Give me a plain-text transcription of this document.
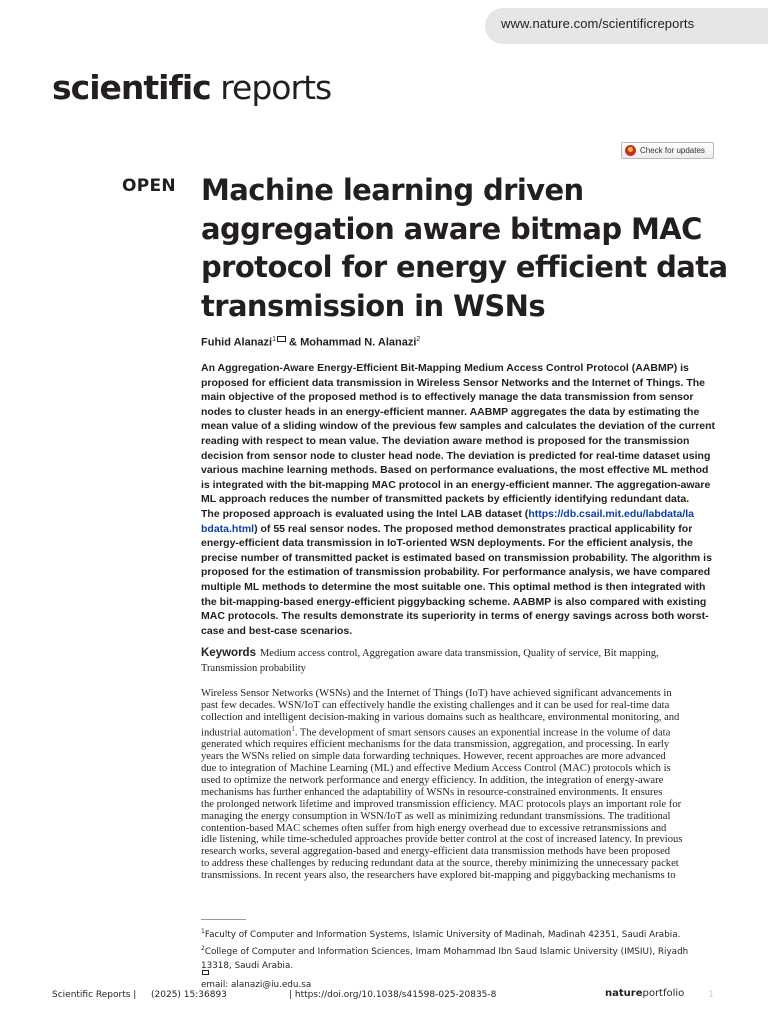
www.nature.com/scientificreports
scientific reports
Check for updates
OPEN Machine learning driven
aggregation aware bitmap MAC
protocol for energy efficient data
transmission in WSNs
Fuhid Alanazi$^1$ & Mohammad N. Alanazi$^2$
An Aggregation-Aware Energy-Efficient Bit-Mapping Medium Access Control Protocol (AABMP) is
proposed for efficient data transmission in Wireless Sensor Networks and the Internet of Things. The
main objective of the proposed method is to effectively manage the data transmission from sensor
nodes to cluster heads in an energy-efficient manner. AABMP aggregates the data by estimating the
mean value of a sliding window of the previous few samples and calculates the deviation of the current
reading with respect to mean value. The deviation aware method is proposed for the transmission
decision from sensor node to cluster head node. The deviation is predicted for real-time dataset using
various machine learning methods. Based on performance evaluations, the most effective ML method
is integrated with the bit-mapping MAC protocol in an energy-efficient manner. The aggregation-aware
ML approach reduces the number of transmitted packets by efficiently identifying redundant data.
The proposed approach is evaluated using the Intel LAB dataset (https://db.csail.mit.edu/labdata/la
bdata.html) of 55 real sensor nodes. The proposed method demonstrates practical applicability for
energy-efficient data transmission in IoT-oriented WSN deployments. For the efficient analysis, the
precise number of transmitted packet is estimated based on transmission probability. The algorithm is
proposed for the estimation of transmission probability. For performance analysis, we have compared
multiple ML methods to determine the most suitable one. This optimal method is then integrated with
the bit-mapping-based energy-efficient piggybacking scheme. AABMP is also compared with existing
MAC protocols. The results demonstrate its superiority in terms of energy savings across both worst-
case and best-case scenarios.
Keywords Medium access control, Aggregation aware data transmission, Quality of service, Bit mapping,
Transmission probability
Wireless Sensor Networks (WSNs) and the Internet of Things (IoT) have achieved significant advancements in
past few decades. WSN/IoT can effectively handle the existing challenges and it can be used for real-time data
collection and intelligent decision-making in various domains such as healthcare, environmental monitoring, and
industrial automation$^1$. The development of smart sensors causes an exponential increase in the volume of data
generated which requires efficient mechanisms for the data transmission, aggregation, and processing. In early
years the WSNs relied on simple data forwarding techniques. However, recent approaches are more advanced
due to integration of Machine Learning (ML) and effective Medium Access Control (MAC) protocols which is
used to optimize the network performance and energy efficiency. In addition, the integration of energy-aware
mechanisms has further enhanced the adaptability of WSNs in resource-constrained environments. It ensures
the prolonged network lifetime and improved transmission efficiency. MAC protocols plays an important role for
managing the energy consumption in WSN/IoT as well as minimizing redundant transmissions. The traditional
contention-based MAC schemes often suffer from high energy overhead due to excessive retransmissions and
idle listening, while time-scheduled approaches provide better control at the cost of increased latency. In previous
research works, several aggregation-based and energy-efficient data transmission methods have been proposed
to address these challenges by reducing redundant data at the source, thereby minimizing the unnecessary packet
transmissions. In recent years also, the researchers have explored bit-mapping and piggybacking mechanisms to
$^1$Faculty of Computer and Information Systems, Islamic University of Madinah, Madinah 42351, Saudi Arabia.
$^2$College of Computer and Information Sciences, Imam Mohammad Ibn Saud Islamic University (IMSIU), Riyadh
13318, Saudi Arabia.
email: alanazi@iu.edu.sa
Scientific Reports | (2025) 15:36893	| https://doi.org/10.1038/s41598-025-20835-8	natureportfolio	1
